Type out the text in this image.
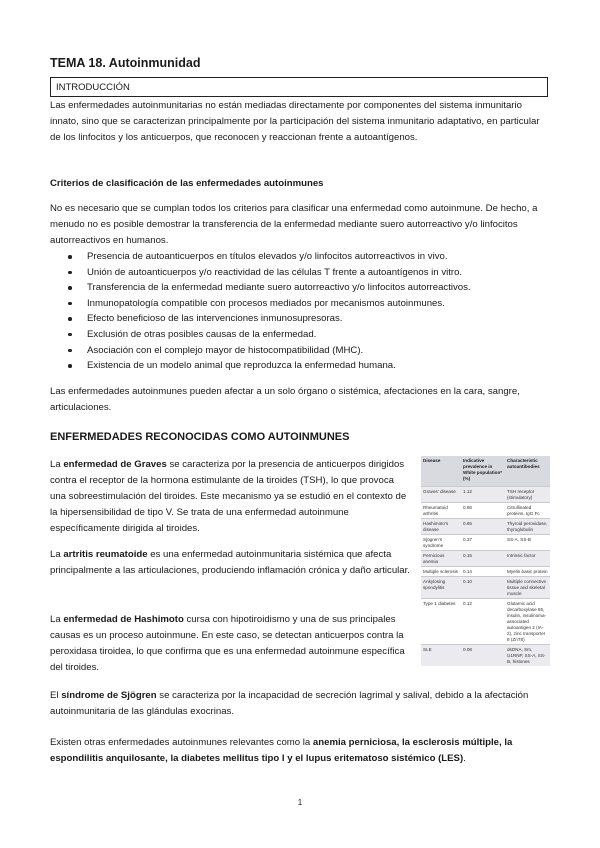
TEMA 18. Autoinmunidad
INTRODUCCIÓN

Las enfermedades autoinmunitarias no están mediadas directamente por componentes del sistema inmunitario innato, sino que se caracterizan principalmente por la participación del sistema inmunitario adaptativo, en particular de los linfocitos y los anticuerpos, que reconocen y reaccionan frente a autoantígenos.

Criterios de clasificación de las enfermedades autoinmunes

No es necesario que se cumplan todos los criterios para clasificar una enfermedad como autoinmune. De hecho, a menudo no es posible demostrar la transferencia de la enfermedad mediante suero autorreactivo y/o linfocitos autorreactivos en humanos.

Presencia de autoanticuerpos en títulos elevados y/o linfocitos autorreactivos in vivo.
Unión de autoanticuerpos y/o reactividad de las células T frente a autoantígenos in vitro.
Transferencia de la enfermedad mediante suero autorreactivo y/o linfocitos autorreactivos.
Inmunopatología compatible con procesos mediados por mecanismos autoinmunes.
Efecto beneficioso de las intervenciones inmunosupresoras.
Exclusión de otras posibles causas de la enfermedad.
Asociación con el complejo mayor de histocompatibilidad (MHC).
Existencia de un modelo animal que reproduzca la enfermedad humana.

Las enfermedades autoinmunes pueden afectar a un solo órgano o sistémica, afectaciones en la cara, sangre, articulaciones.

ENFERMEDADES RECONOCIDAS COMO AUTOINMUNES

La enfermedad de Graves se caracteriza por la presencia de anticuerpos dirigidos contra el receptor de la hormona estimulante de la tiroides (TSH), lo que provoca una sobreestimulación del tiroides. Este mecanismo ya se estudió en el contexto de la hipersensibilidad de tipo V. Se trata de una enfermedad autoinmune específicamente dirigida al tiroides.

La artritis reumatoide es una enfermedad autoinmunitaria sistémica que afecta principalmente a las articulaciones, produciendo inflamación crónica y daño articular.

La enfermedad de Hashimoto cursa con hipotiroidismo y una de sus principales causas es un proceso autoinmune. En este caso, se detectan anticuerpos contra la peroxidasa tiroidea, lo que confirma que es una enfermedad autoinmune específica del tiroides.

El síndrome de Sjögren se caracteriza por la incapacidad de secreción lagrimal y salival, debido a la afectación autoinmunitaria de las glándulas exocrinas.

Existen otras enfermedades autoinmunes relevantes como la anemia perniciosa, la esclerosis múltiple, la espondilitis anquilosante, la diabetes mellitus tipo I y el lupus eritematoso sistémico (LES).

Disease	Indicative prevalence in White population* (%)	Characteristic autoantibodies
Graves' disease	1.12	TSH receptor (stimulatory)
Rheumatoid arthritis	0.86	Citrullinated proteins, IgG Fc
Hashimoto's disease	0.65	Thyroid peroxidase, thyroglobulin
Sjögren's syndrome	0.37	SS-A, SS-B
Pernicious anemia	0.15	Intrinsic factor
Multiple sclerosis	0.14	Myelin basic protein
Ankylosing spondylitis	0.10	Multiple connective tissue and skeletal muscle
Type 1 diabetes	0.12	Glutamic acid decarboxylase 65, insulin, insulinoma-associated autoantigen 2 (IA-2), zinc transporter 8 (ZnT8)
SLE	0.08	dsDNA, Sm, U1RNP, SS-A, SS-B, histones
1
